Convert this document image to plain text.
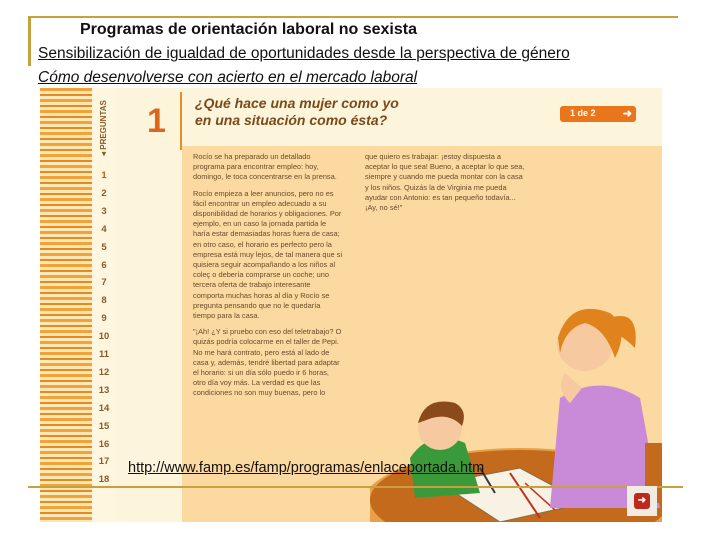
Programas de orientación laboral no sexista
Sensibilización de igualdad de oportunidades desde la perspectiva de género
Cómo desenvolverse con acierto en el mercado laboral
◂ PREGUNTAS
1
2
3
4
5
6
7
8
9
10
11
12
13
14
15
16
17
18
1 ¿Qué hace una mujer como yo
en una situación como ésta?	1 de 2 ➜

Rocío se ha preparado un detallado programa para encontrar empleo: hoy, domingo, le toca concentrarse en la prensa.

Rocío empieza a leer anuncios, pero no es fácil encontrar un empleo adecuado a su disponibilidad de horarios y obligaciones. Por ejemplo, en un caso la jornada partida le haría estar demasiadas horas fuera de casa; en otro caso, el horario es perfecto pero la empresa está muy lejos, de tal manera que si quisiera seguir acompañando a los niños al coleç o debería comprarse un coche; uno tercera oferta de trabajo interesante comporta muchas horas al día y Rocío se pregunta pensando que no le quedaría tiempo para la casa.

"¡Ah! ¿Y si pruebo con eso del teletrabajo? O quizás podría colocarme en el taller de Pepi. No me hará contrato, pero está al lado de casa y, además, tendré libertad para adaptar el horario: si un día sólo puedo ir 6 horas, otro día voy más. La verdad es que las condiciones no son muy buenas, pero lo

que quiero es trabajar: ¡estoy dispuesta a aceptar lo que sea! Bueno, a aceptar lo que sea, siempre y cuando me pueda montar con la casa y los niños. Quizás la de Virginia me pueda ayudar con Antonio: es tan pequeño todavía... ¡Ay, no sé!"

http://www.famp.es/famp/programas/enlaceportada.htm
➜
